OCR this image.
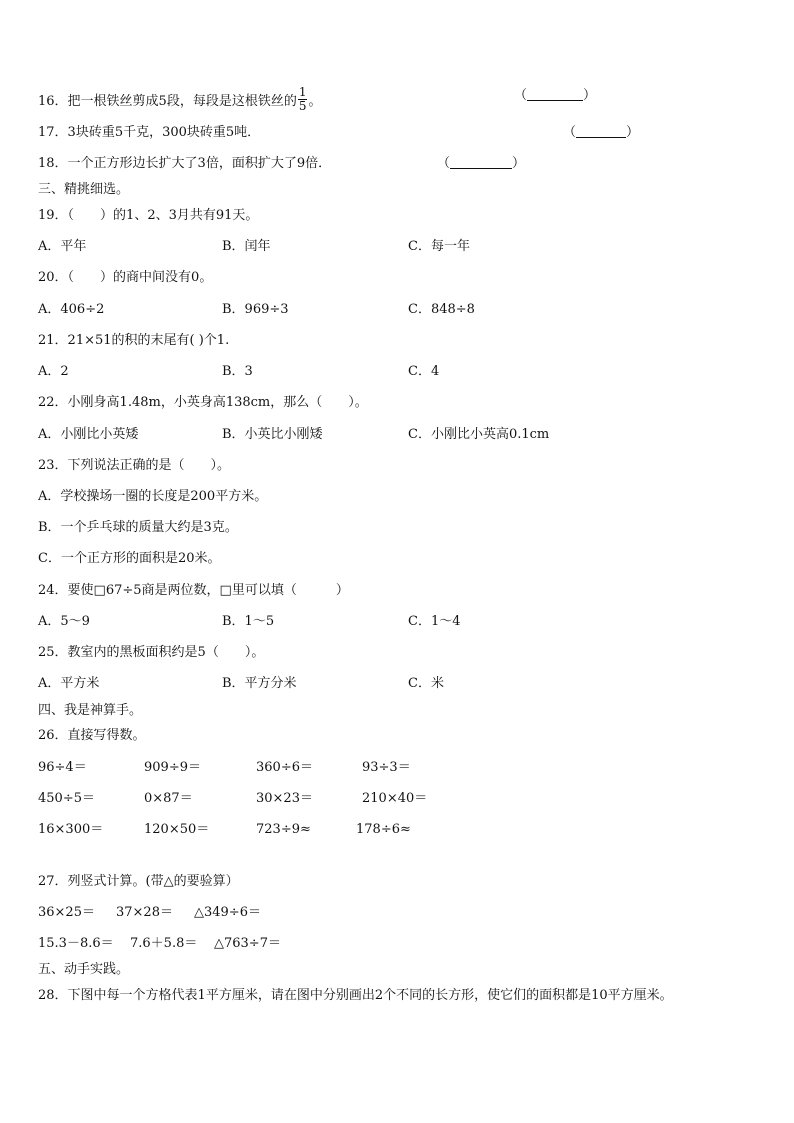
16．把一根铁丝剪成5段，每段是这根铁丝的 $\frac{1}{5}$ 。	（	）
17．3块砖重5千克，300块砖重5吨．	（	）
18．一个正方形边长扩大了3倍，面积扩大了9倍．	（	）
三、精挑细选。
19．（　　）的1、2、3月共有91天。
A．平年	B．闰年	C．每一年
20．（　　）的商中间没有0。
A．406÷2	B．969÷3	C．848÷8
21．21×51的积的末尾有( )个1.
A．2	B．3	C．4
22．小刚身高1.48m，小英身高138cm，那么（　　）。
A．小刚比小英矮	B．小英比小刚矮	C．小刚比小英高0.1cm
23．下列说法正确的是（　　）。
A．学校操场一圈的长度是200平方米。
B．一个乒乓球的质量大约是3克。
C．一个正方形的面积是20米。
24．要使□67÷5商是两位数，□里可以填（　　　）
A．5～9	B．1～5	C．1～4
25．教室内的黑板面积约是5（　　）。
A．平方米	B．平方分米	C．米
四、我是神算手。
26．直接写得数。
96÷4＝	909÷9＝	360÷6＝	93÷3＝
450÷5＝	0×87＝	30×23＝	210×40＝
16×300＝	120×50＝	723÷9≈	178÷6≈
27．列竖式计算。(带△的要验算）
36×25＝ 37×28＝ △349÷6＝
15.3－8.6＝ 7.6＋5.8＝ △763÷7＝
五、动手实践。
28．下图中每一个方格代表1平方厘米，请在图中分别画出2个不同的长方形，使它们的面积都是10平方厘米。
